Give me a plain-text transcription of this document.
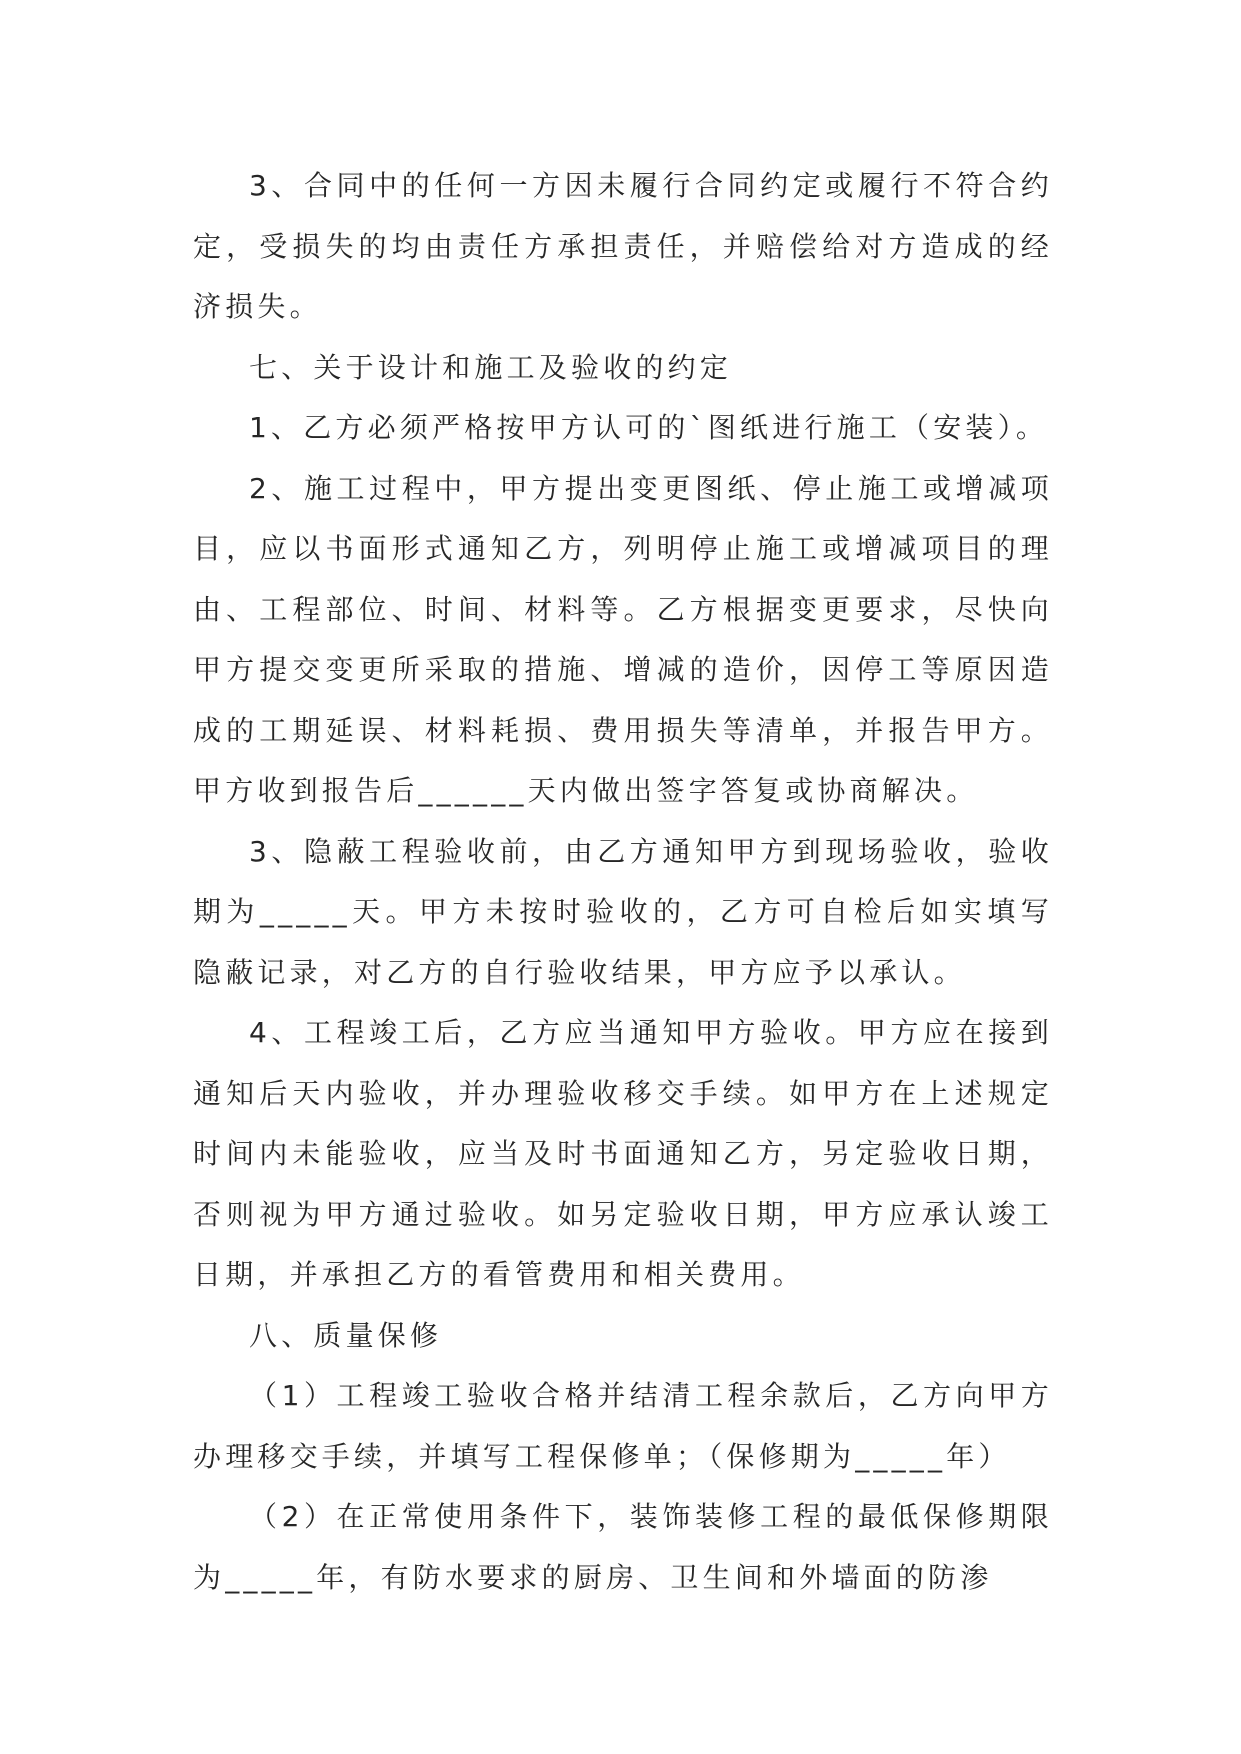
3、合同中的任何一方因未履行合同约定或履行不符合约定，受损失的均由责任方承担责任，并赔偿给对方造成的经济损失。

七、关于设计和施工及验收的约定

1、乙方必须严格按甲方认可的`图纸进行施工（安装）。

2、施工过程中，甲方提出变更图纸、停止施工或增减项目，应以书面形式通知乙方，列明停止施工或增减项目的理由、工程部位、时间、材料等。乙方根据变更要求，尽快向甲方提交变更所采取的措施、增减的造价，因停工等原因造成的工期延误、材料耗损、费用损失等清单，并报告甲方。甲方收到报告后______天内做出签字答复或协商解决。

3、隐蔽工程验收前，由乙方通知甲方到现场验收，验收期为_____天。甲方未按时验收的，乙方可自检后如实填写隐蔽记录，对乙方的自行验收结果，甲方应予以承认。

4、工程竣工后，乙方应当通知甲方验收。甲方应在接到通知后天内验收，并办理验收移交手续。如甲方在上述规定时间内未能验收，应当及时书面通知乙方，另定验收日期，否则视为甲方通过验收。如另定验收日期，甲方应承认竣工日期，并承担乙方的看管费用和相关费用。

八、质量保修

（1）工程竣工验收合格并结清工程余款后，乙方向甲方办理移交手续，并填写工程保修单；（保修期为_____年）

（2）在正常使用条件下，装饰装修工程的最低保修期限为_____年，有防水要求的厨房、卫生间和外墙面的防渗
